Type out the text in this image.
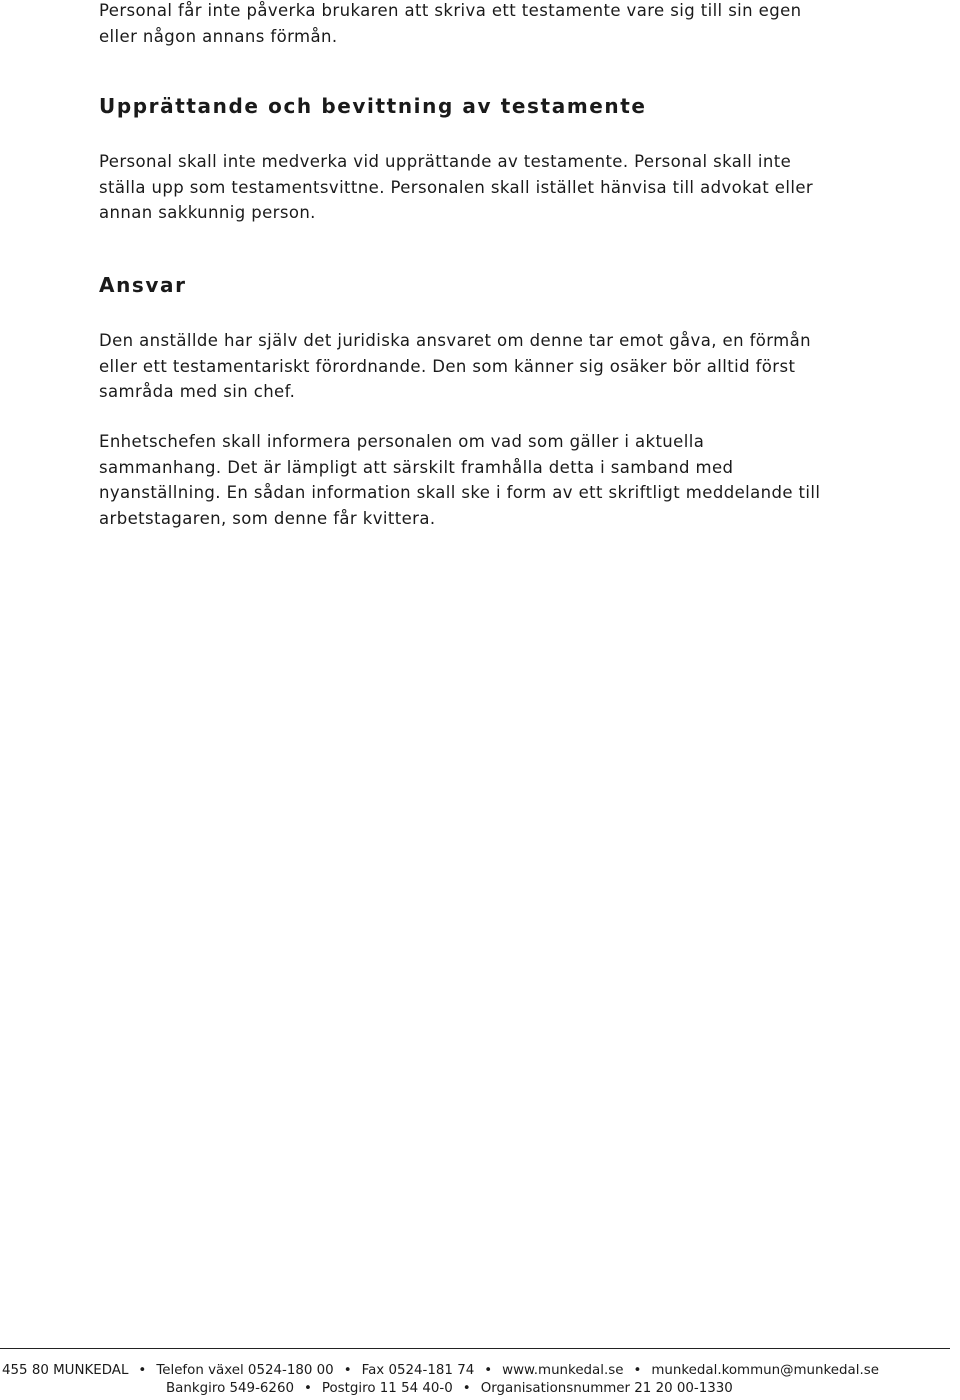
Personal får inte påverka brukaren att skriva ett testamente vare sig till sin egen
eller någon annans förmån.

Upprättande och bevittning av testamente

Personal skall inte medverka vid upprättande av testamente. Personal skall inte
ställa upp som testamentsvittne. Personalen skall istället hänvisa till advokat eller
annan sakkunnig person.

Ansvar

Den anställde har själv det juridiska ansvaret om denne tar emot gåva, en förmån
eller ett testamentariskt förordnande. Den som känner sig osäker bör alltid först
samråda med sin chef.

Enhetschefen skall informera personalen om vad som gäller i aktuella
sammanhang. Det är lämpligt att särskilt framhålla detta i samband med
nyanställning. En sådan information skall ske i form av ett skriftligt meddelande till
arbetstagaren, som denne får kvittera.

455 80 MUNKEDAL • Telefon växel 0524-180 00 • Fax 0524-181 74 • www.munkedal.se • munkedal.kommun@munkedal.se
Bankgiro 549-6260 • Postgiro 11 54 40-0 • Organisationsnummer 21 20 00-1330
